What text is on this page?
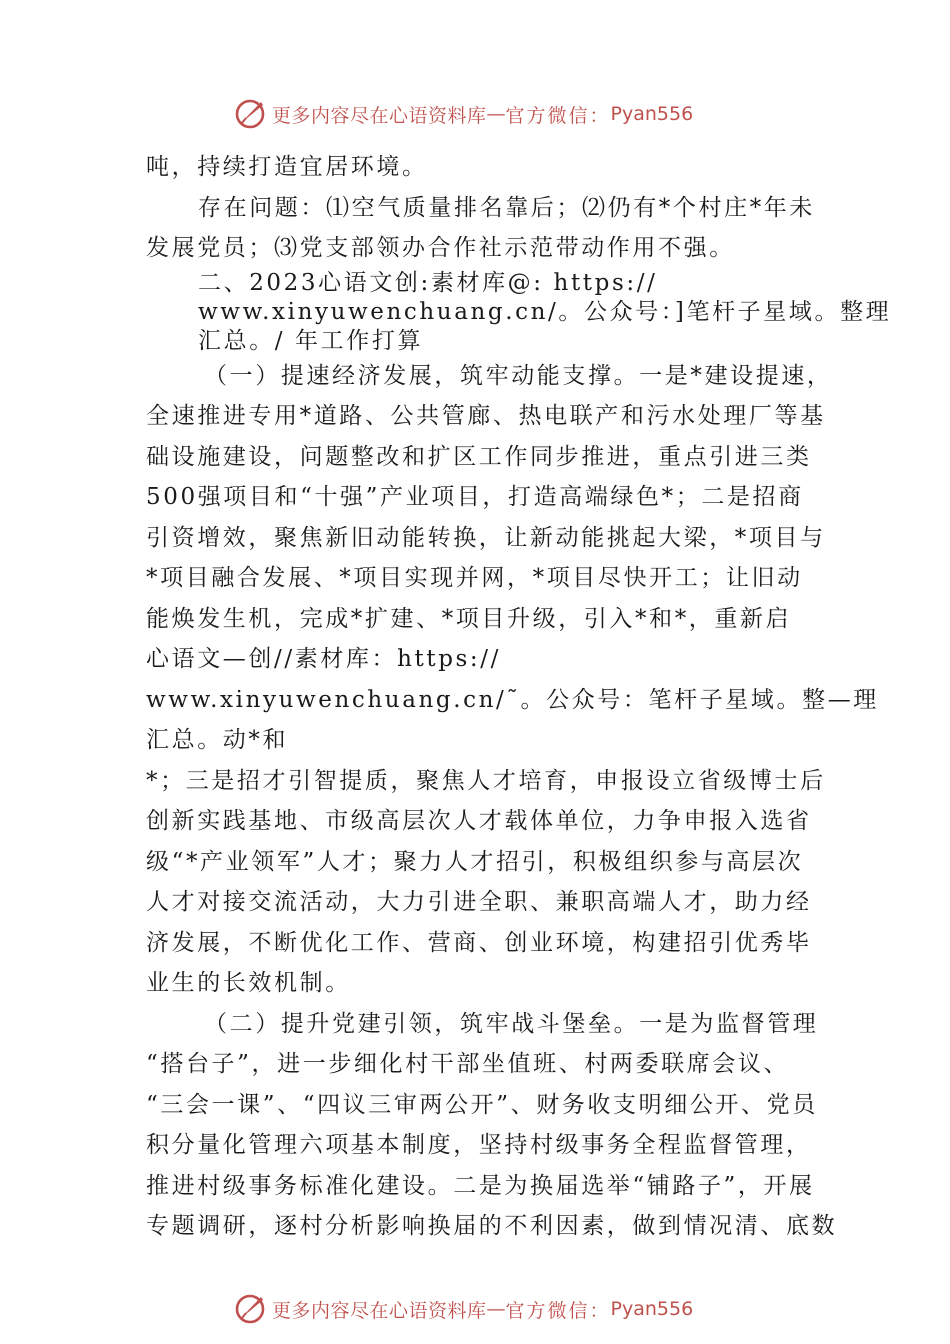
更多内容尽在心语资料库 — 官方微信： Pyan556
吨，持续打造宜居环境。
存在问题：⑴空气质量排名靠后；⑵仍有*个村庄*年未
发展党员；⑶党支部领办合作社示范带动作用不强。
二、2023心语文创:素材库@: https://
www.xinyuwenchuang.cn/。公众号：]笔杆子星域。整理
汇总。/ 年工作打算
（一）提速经济发展，筑牢动能支撑。一是*建设提速，
全速推进专用*道路、公共管廊、热电联产和污水处理厂等基
础设施建设，问题整改和扩区工作同步推进，重点引进三类
500强项目和“十强”产业项目，打造高端绿色*；二是招商
引资增效，聚焦新旧动能转换，让新动能挑起大梁，*项目与
*项目融合发展、*项目实现并网，*项目尽快开工；让旧动
能焕发生机，完成*扩建、*项目升级，引入*和*，重新启
心语文—创//素材库：https://
www.xinyuwenchuang.cn/˜。公众号：笔杆子星域。整—理
汇总。动*和
*；三是招才引智提质，聚焦人才培育，申报设立省级博士后
创新实践基地、市级高层次人才载体单位，力争申报入选省
级“*产业领军”人才；聚力人才招引，积极组织参与高层次
人才对接交流活动，大力引进全职、兼职高端人才，助力经
济发展，不断优化工作、营商、创业环境，构建招引优秀毕
业生的长效机制。
（二）提升党建引领，筑牢战斗堡垒。一是为监督管理
“搭台子”，进一步细化村干部坐值班、村两委联席会议、
“三会一课”、“四议三审两公开”、财务收支明细公开、党员
积分量化管理六项基本制度，坚持村级事务全程监督管理，
推进村级事务标准化建设。二是为换届选举“铺路子”，开展
专题调研，逐村分析影响换届的不利因素，做到情况清、底数
更多内容尽在心语资料库 — 官方微信： Pyan556
